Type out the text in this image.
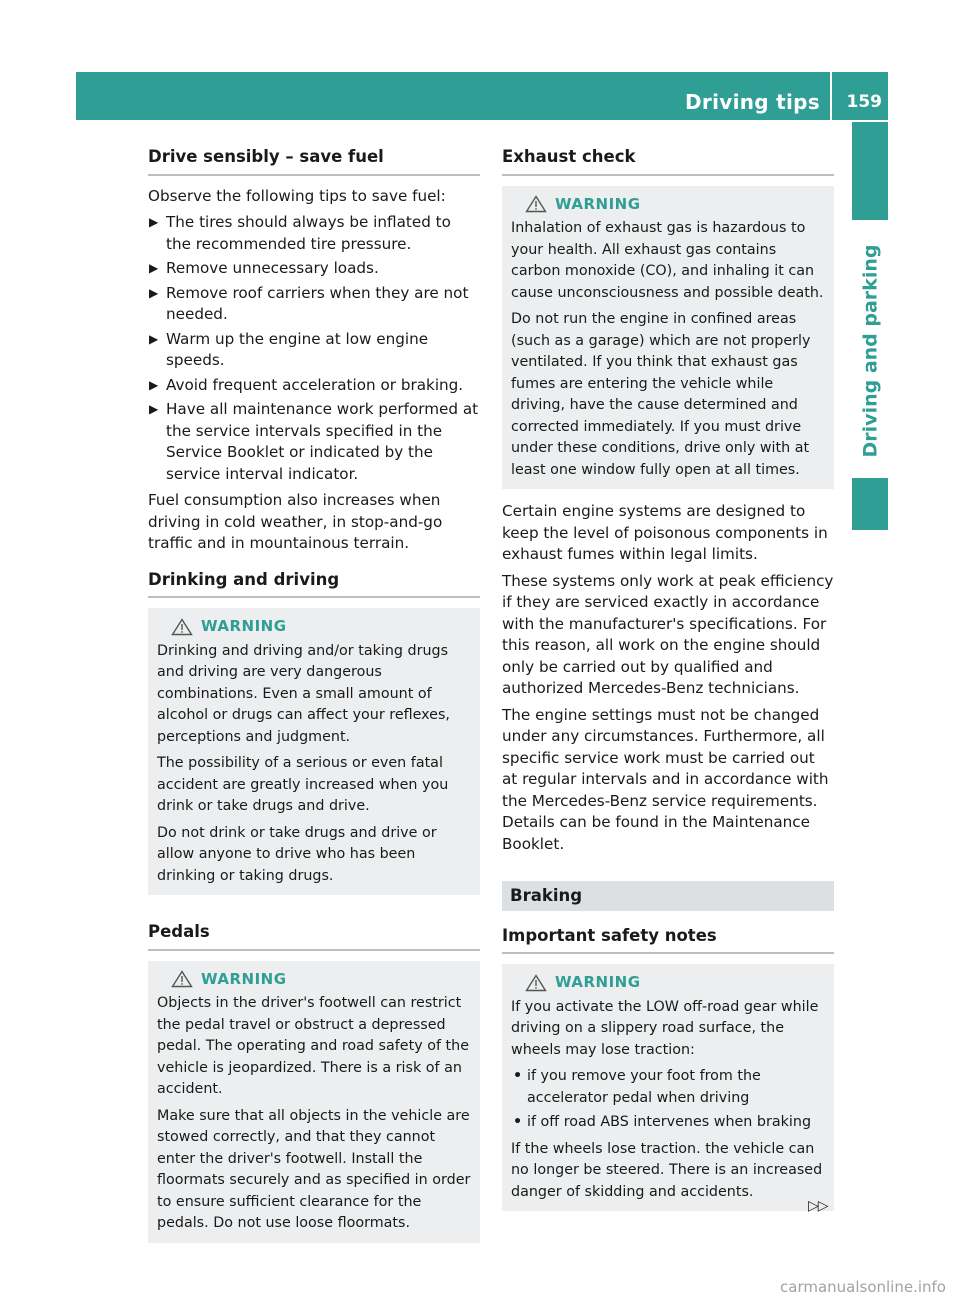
Driving tips 159
Driving and parking
Drive sensibly – save fuel

Observe the following tips to save fuel:

▶ The tires should always be inflated to the recommended tire pressure.
▶ Remove unnecessary loads.
▶ Remove roof carriers when they are not needed.
▶ Warm up the engine at low engine speeds.
▶ Avoid frequent acceleration or braking.
▶ Have all maintenance work performed at the service intervals specified in the Service Booklet or indicated by the service interval indicator.

Fuel consumption also increases when driving in cold weather, in stop-and-go traffic and in mountainous terrain.

Drinking and driving
WARNING

Drinking and driving and/or taking drugs and driving are very dangerous combinations. Even a small amount of alcohol or drugs can affect your reflexes, perceptions and judgment.

The possibility of a serious or even fatal accident are greatly increased when you drink or take drugs and drive.

Do not drink or take drugs and drive or allow anyone to drive who has been drinking or taking drugs.

Pedals
WARNING

Objects in the driver's footwell can restrict the pedal travel or obstruct a depressed pedal. The operating and road safety of the vehicle is jeopardized. There is a risk of an accident.

Make sure that all objects in the vehicle are stowed correctly, and that they cannot enter the driver's footwell. Install the floormats securely and as specified in order to ensure sufficient clearance for the pedals. Do not use loose floormats.

Exhaust check
WARNING

Inhalation of exhaust gas is hazardous to your health. All exhaust gas contains carbon monoxide (CO), and inhaling it can cause unconsciousness and possible death.

Do not run the engine in confined areas (such as a garage) which are not properly ventilated. If you think that exhaust gas fumes are entering the vehicle while driving, have the cause determined and corrected immediately. If you must drive under these conditions, drive only with at least one window fully open at all times.

Certain engine systems are designed to keep the level of poisonous components in exhaust fumes within legal limits.

These systems only work at peak efficiency if they are serviced exactly in accordance with the manufacturer's specifications. For this reason, all work on the engine should only be carried out by qualified and authorized Mercedes-Benz technicians.

The engine settings must not be changed under any circumstances. Furthermore, all specific service work must be carried out at regular intervals and in accordance with the Mercedes-Benz service requirements. Details can be found in the Maintenance Booklet.

Braking
Important safety notes
WARNING

If you activate the LOW off-road gear while driving on a slippery road surface, the wheels may lose traction:

• if you remove your foot from the accelerator pedal when driving
• if off road ABS intervenes when braking

If the wheels lose traction. the vehicle can no longer be steered. There is an increased danger of skidding and accidents.

▷▷
carmanualsonline.info
